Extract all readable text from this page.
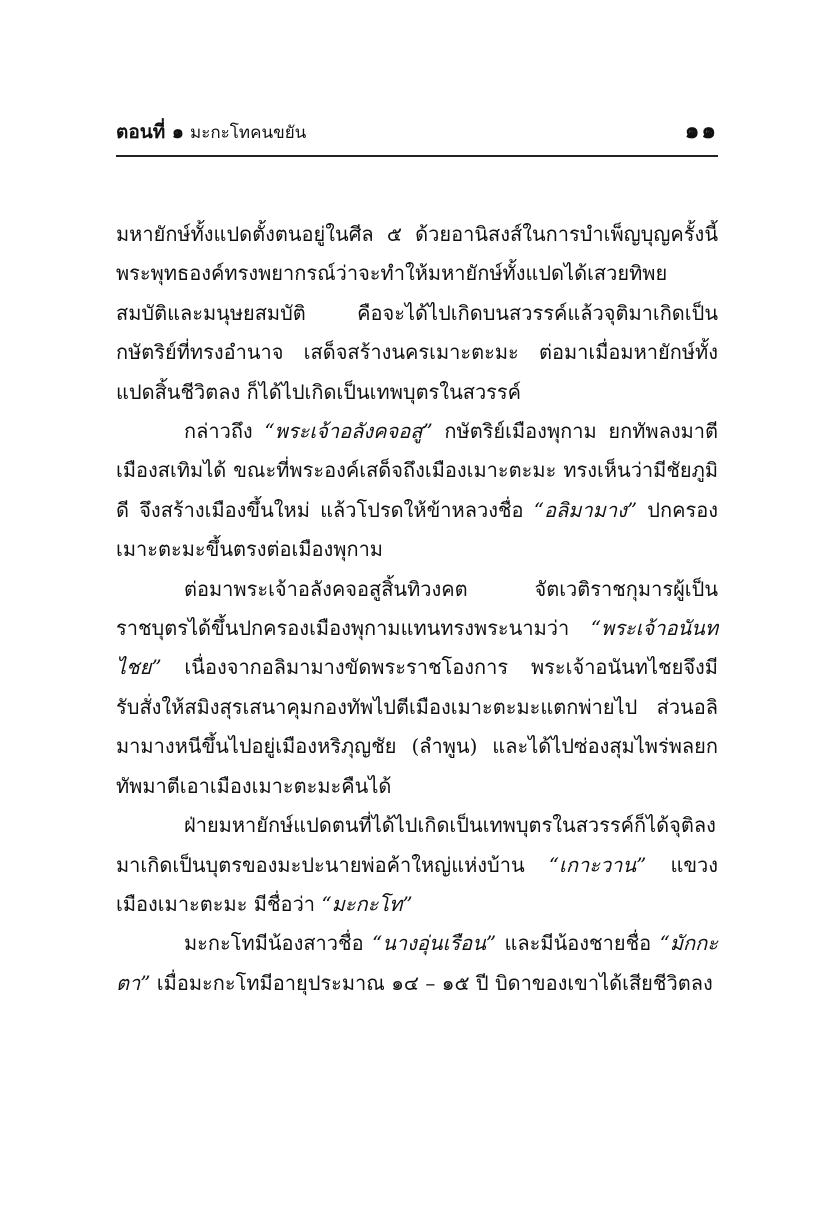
ตอนที่ ๑ มะกะโทคนขยัน	๑๑

มหายักษ์ทั้งแปดตั้งตนอยู่ในศีล ๕ ด้วยอานิสงส์ในการบำเพ็ญบุญครั้งนี้ พระพุทธองค์ทรงพยากรณ์ว่าจะทำให้มหายักษ์ทั้งแปดได้เสวยทิพยสมบัติและมนุษยสมบัติ คือจะได้ไปเกิดบนสวรรค์แล้วจุติมาเกิดเป็นกษัตริย์ที่ทรงอำนาจ เสด็จสร้างนครเมาะตะมะ ต่อมาเมื่อมหายักษ์ทั้งแปดสิ้นชีวิตลง ก็ได้ไปเกิดเป็นเทพบุตรในสวรรค์

กล่าวถึง “พระเจ้าอลังคจอสู” กษัตริย์เมืองพุกาม ยกทัพลงมาตีเมืองสเทิมได้ ขณะที่พระองค์เสด็จถึงเมืองเมาะตะมะ ทรงเห็นว่ามีชัยภูมิดี จึงสร้างเมืองขึ้นใหม่ แล้วโปรดให้ข้าหลวงชื่อ “อลิมามาง” ปกครองเมาะตะมะขึ้นตรงต่อเมืองพุกาม

ต่อมาพระเจ้าอลังคจอสูสิ้นทิวงคต จัตเวติราชกุมารผู้เป็นราชบุตรได้ขึ้นปกครองเมืองพุกามแทนทรงพระนามว่า “พระเจ้าอนันทไชย” เนื่องจากอลิมามางขัดพระราชโองการ พระเจ้าอนันทไชยจึงมีรับสั่งให้สมิงสุรเสนาคุมกองทัพไปตีเมืองเมาะตะมะแตกพ่ายไป ส่วนอลิมามางหนีขึ้นไปอยู่เมืองหริภุญชัย (ลำพูน) และได้ไปซ่องสุมไพร่พลยกทัพมาตีเอาเมืองเมาะตะมะคืนได้

ฝ่ายมหายักษ์แปดตนที่ได้ไปเกิดเป็นเทพบุตรในสวรรค์ก็ได้จุติลงมาเกิดเป็นบุตรของมะปะนายพ่อค้าใหญ่แห่งบ้าน “เกาะวาน” แขวงเมืองเมาะตะมะ มีชื่อว่า “มะกะโท”

มะกะโทมีน้องสาวชื่อ “นางอุ่นเรือน” และมีน้องชายชื่อ “มักกะตา” เมื่อมะกะโทมีอายุประมาณ ๑๔ – ๑๕ ปี บิดาของเขาได้เสียชีวิตลง
